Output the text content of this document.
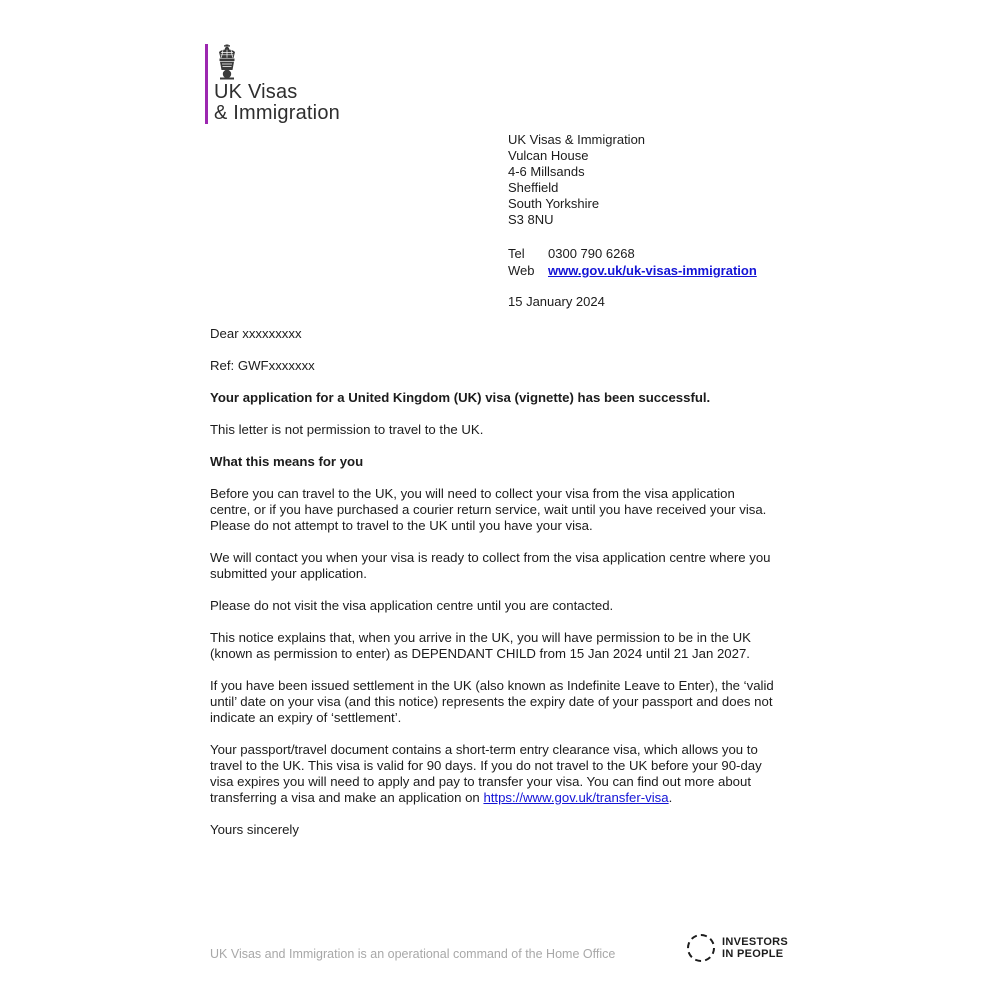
UK Visas
& Immigration
UK Visas & Immigration
Vulcan House
4-6 Millsands
Sheffield
South Yorkshire
S3 8NU
Tel	0300 790 6268
Web	www.gov.uk/uk-visas-immigration
15 January 2024

Dear xxxxxxxxx

Ref: GWFxxxxxxx

Your application for a United Kingdom (UK) visa (vignette) has been successful.

This letter is not permission to travel to the UK.

What this means for you

Before you can travel to the UK, you will need to collect your visa from the visa application centre, or if you have purchased a courier return service, wait until you have received your visa. Please do not attempt to travel to the UK until you have your visa.

We will contact you when your visa is ready to collect from the visa application centre where you submitted your application.

Please do not visit the visa application centre until you are contacted.

This notice explains that, when you arrive in the UK, you will have permission to be in the UK (known as permission to enter) as DEPENDANT CHILD from 15 Jan 2024 until 21 Jan 2027.

If you have been issued settlement in the UK (also known as Indefinite Leave to Enter), the ‘valid until’ date on your visa (and this notice) represents the expiry date of your passport and does not indicate an expiry of ‘settlement’.

Your passport/travel document contains a short-term entry clearance visa, which allows you to travel to the UK. This visa is valid for 90 days. If you do not travel to the UK before your 90-day visa expires you will need to apply and pay to transfer your visa. You can find out more about transferring a visa and make an application on https://www.gov.uk/transfer-visa.

Yours sincerely

UK Visas and Immigration is an operational command of the Home Office
INVESTORS
IN PEOPLE
